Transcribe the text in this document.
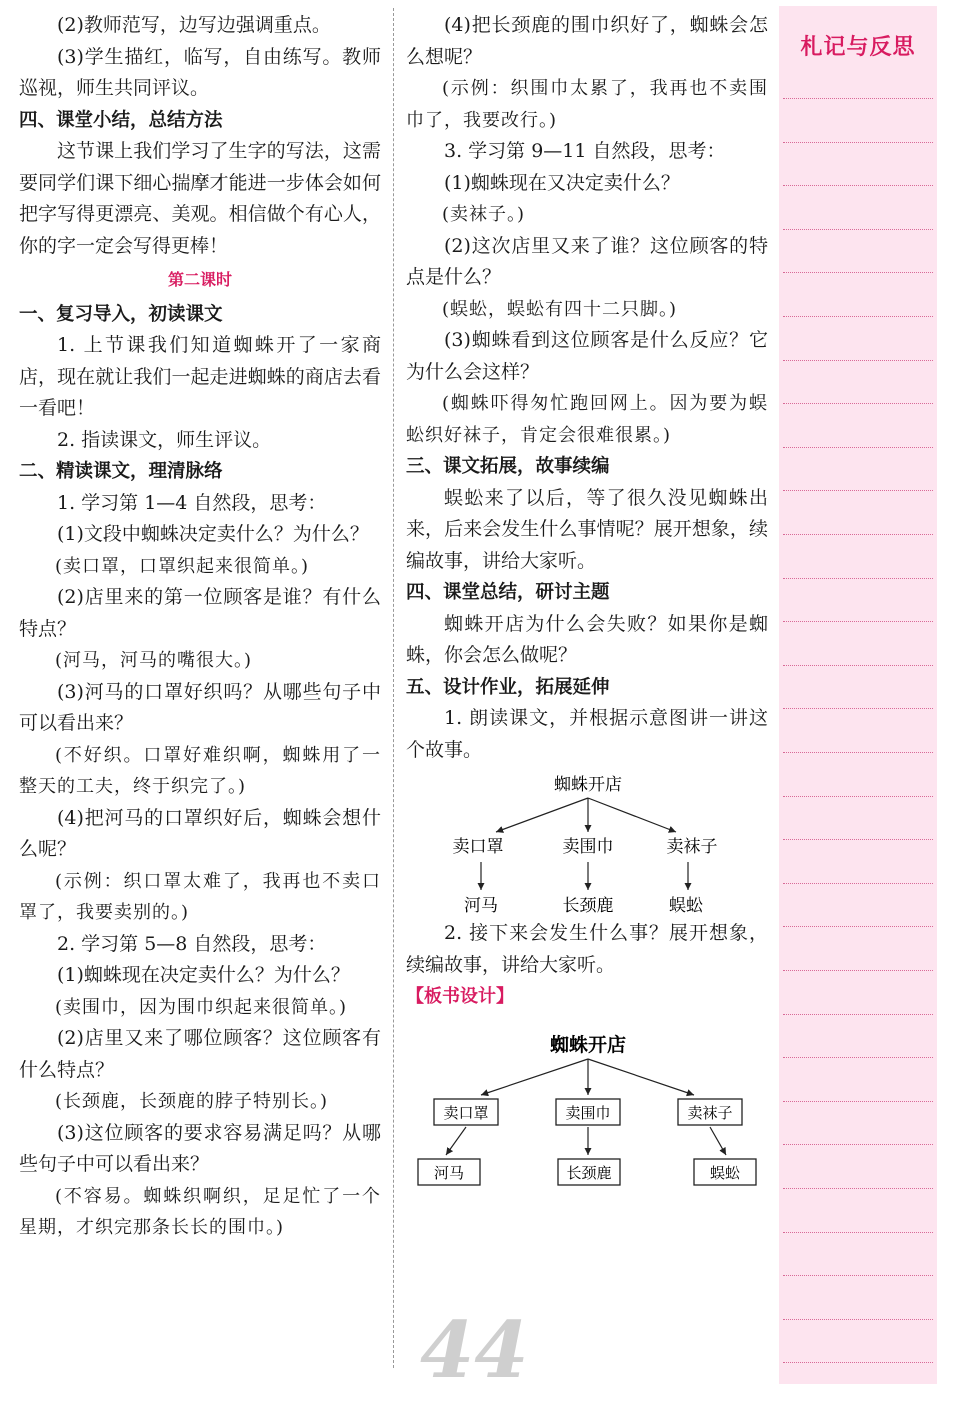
札记与反思

(2)教师范写，边写边强调重点。

(3)学生描红，临写，自由练写。教师巡视，师生共同评议。

四、课堂小结，总结方法

这节课上我们学习了生字的写法，这需要同学们课下细心揣摩才能进一步体会如何把字写得更漂亮、美观。相信做个有心人，你的字一定会写得更棒！

第二课时

一、复习导入，初读课文

1. 上节课我们知道蜘蛛开了一家商店，现在就让我们一起走进蜘蛛的商店去看一看吧！

2. 指读课文，师生评议。

二、精读课文，理清脉络

1. 学习第 1—4 自然段，思考：

(1)文段中蜘蛛决定卖什么？为什么？

(卖口罩，口罩织起来很简单。)

(2)店里来的第一位顾客是谁？有什么特点？

(河马，河马的嘴很大。)

(3)河马的口罩好织吗？从哪些句子中可以看出来？

(不好织。口罩好难织啊，蜘蛛用了一整天的工夫，终于织完了。)

(4)把河马的口罩织好后，蜘蛛会想什么呢？

(示例：织口罩太难了，我再也不卖口罩了，我要卖别的。)

2. 学习第 5—8 自然段，思考：

(1)蜘蛛现在决定卖什么？为什么？

(卖围巾，因为围巾织起来很简单。)

(2)店里又来了哪位顾客？这位顾客有什么特点？

(长颈鹿，长颈鹿的脖子特别长。)

(3)这位顾客的要求容易满足吗？从哪些句子中可以看出来？

(不容易。蜘蛛织啊织，足足忙了一个星期，才织完那条长长的围巾。)

(4)把长颈鹿的围巾织好了，蜘蛛会怎么想呢？

(示例：织围巾太累了，我再也不卖围巾了，我要改行。)

3. 学习第 9—11 自然段，思考：

(1)蜘蛛现在又决定卖什么？

(卖袜子。)

(2)这次店里又来了谁？这位顾客的特点是什么？

(蜈蚣，蜈蚣有四十二只脚。)

(3)蜘蛛看到这位顾客是什么反应？它为什么会这样？

(蜘蛛吓得匆忙跑回网上。因为要为蜈蚣织好袜子，肯定会很难很累。)

三、课文拓展，故事续编

蜈蚣来了以后，等了很久没见蜘蛛出来，后来会发生什么事情呢？展开想象，续编故事，讲给大家听。

四、课堂总结，研讨主题

蜘蛛开店为什么会失败？如果你是蜘蛛，你会怎么做呢？

五、设计作业，拓展延伸

1. 朗读课文，并根据示意图讲一讲这个故事。

蜘蛛开店
卖口罩	卖围巾	卖袜子
河马	长颈鹿	蜈蚣

2. 接下来会发生什么事？展开想象，续编故事，讲给大家听。

【板书设计】

蜘蛛开店
卖口罩	卖围巾	卖袜子
河马	长颈鹿	蜈蚣
44
